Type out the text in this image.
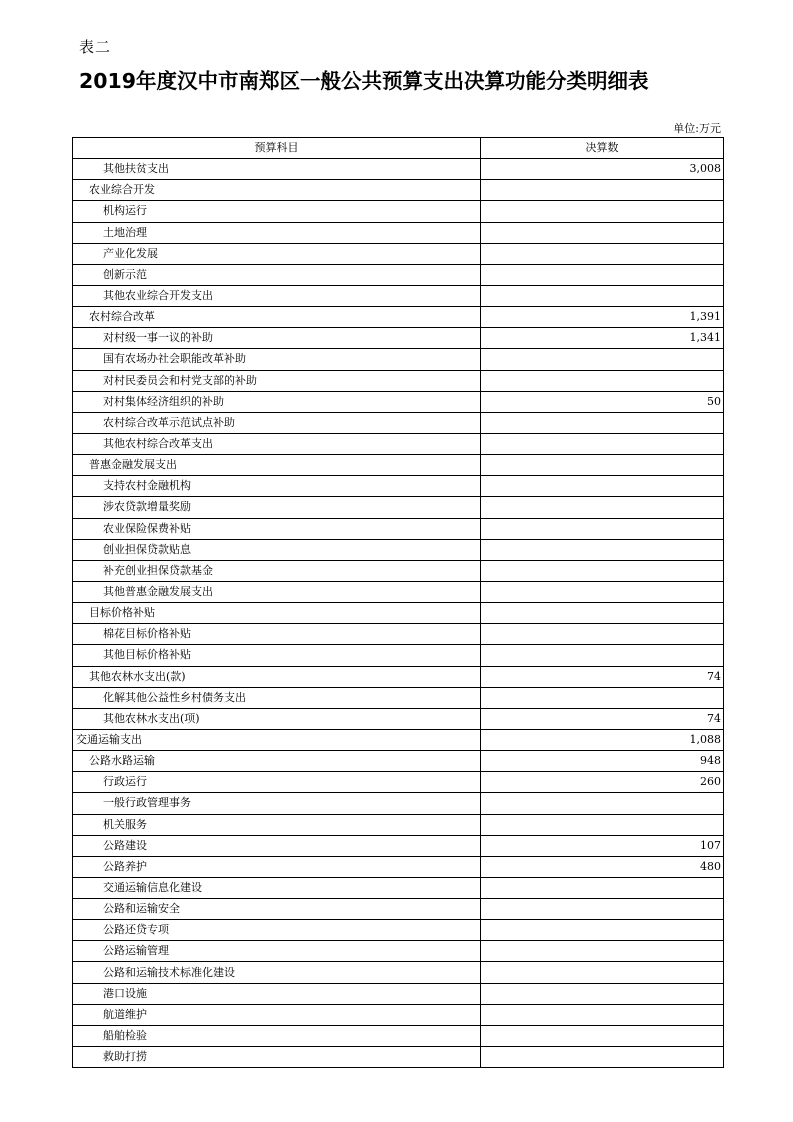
表二
2019年度汉中市南郑区一般公共预算支出决算功能分类明细表
单位:万元
预算科目	决算数
其他扶贫支出	3,008
农业综合开发	
机构运行	
土地治理	
产业化发展	
创新示范	
其他农业综合开发支出	
农村综合改革	1,391
对村级一事一议的补助	1,341
国有农场办社会职能改革补助	
对村民委员会和村党支部的补助	
对村集体经济组织的补助	50
农村综合改革示范试点补助	
其他农村综合改革支出	
普惠金融发展支出	
支持农村金融机构	
涉农贷款增量奖励	
农业保险保费补贴	
创业担保贷款贴息	
补充创业担保贷款基金	
其他普惠金融发展支出	
目标价格补贴	
棉花目标价格补贴	
其他目标价格补贴	
其他农林水支出(款)	74
化解其他公益性乡村债务支出	
其他农林水支出(项)	74
交通运输支出	1,088
公路水路运输	948
行政运行	260
一般行政管理事务	
机关服务	
公路建设	107
公路养护	480
交通运输信息化建设	
公路和运输安全	
公路还贷专项	
公路运输管理	
公路和运输技术标准化建设	
港口设施	
航道维护	
船舶检验	
救助打捞	
